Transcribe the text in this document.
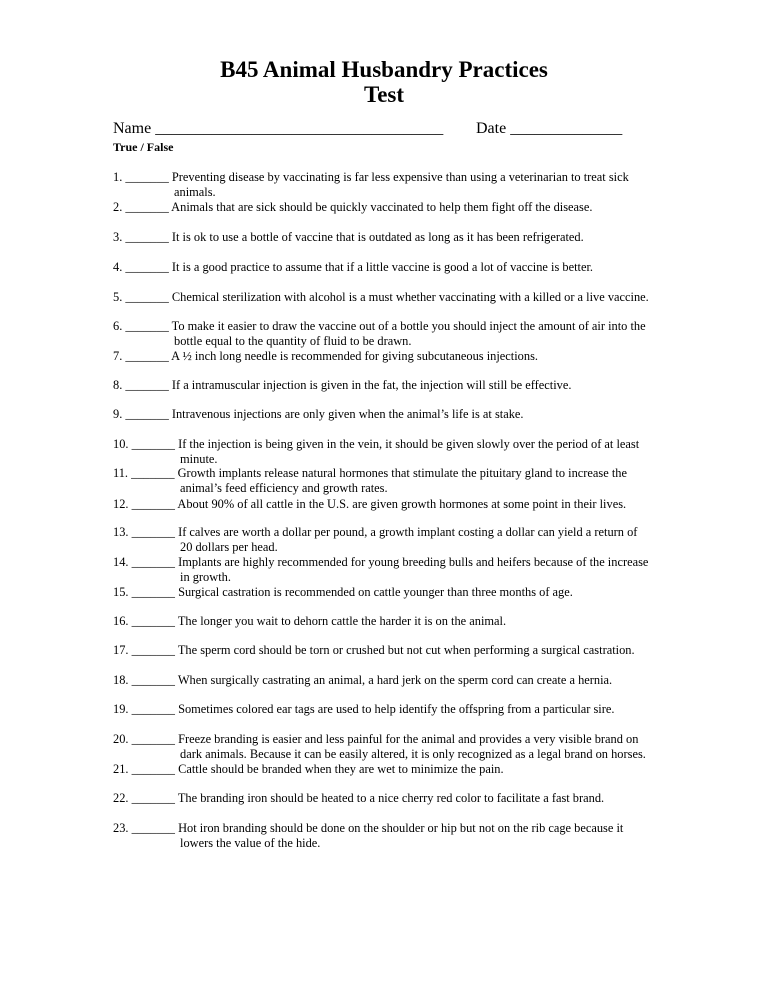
B45 Animal Husbandry Practices
Test
Name ____________________________________ Date ______________
True / False
1. _______ Preventing disease by vaccinating is far less expensive than using a veterinarian to treat sick
animals.
2. _______ Animals that are sick should be quickly vaccinated to help them fight off the disease.
3. _______ It is ok to use a bottle of vaccine that is outdated as long as it has been refrigerated.
4. _______ It is a good practice to assume that if a little vaccine is good a lot of vaccine is better.
5. _______ Chemical sterilization with alcohol is a must whether vaccinating with a killed or a live vaccine.
6. _______ To make it easier to draw the vaccine out of a bottle you should inject the amount of air into the
bottle equal to the quantity of fluid to be drawn.
7. _______ A ½ inch long needle is recommended for giving subcutaneous injections.
8. _______ If a intramuscular injection is given in the fat, the injection will still be effective.
9. _______ Intravenous injections are only given when the animal’s life is at stake.
10. _______ If the injection is being given in the vein, it should be given slowly over the period of at least
minute.
11. _______ Growth implants release natural hormones that stimulate the pituitary gland to increase the
animal’s feed efficiency and growth rates.
12. _______ About 90% of all cattle in the U.S. are given growth hormones at some point in their lives.
13. _______ If calves are worth a dollar per pound, a growth implant costing a dollar can yield a return of
20 dollars per head.
14. _______ Implants are highly recommended for young breeding bulls and heifers because of the increase
in growth.
15. _______ Surgical castration is recommended on cattle younger than three months of age.
16. _______ The longer you wait to dehorn cattle the harder it is on the animal.
17. _______ The sperm cord should be torn or crushed but not cut when performing a surgical castration.
18. _______ When surgically castrating an animal, a hard jerk on the sperm cord can create a hernia.
19. _______ Sometimes colored ear tags are used to help identify the offspring from a particular sire.
20. _______ Freeze branding is easier and less painful for the animal and provides a very visible brand on
dark animals. Because it can be easily altered, it is only recognized as a legal brand on horses.
21. _______ Cattle should be branded when they are wet to minimize the pain.
22. _______ The branding iron should be heated to a nice cherry red color to facilitate a fast brand.
23. _______ Hot iron branding should be done on the shoulder or hip but not on the rib cage because it
lowers the value of the hide.
